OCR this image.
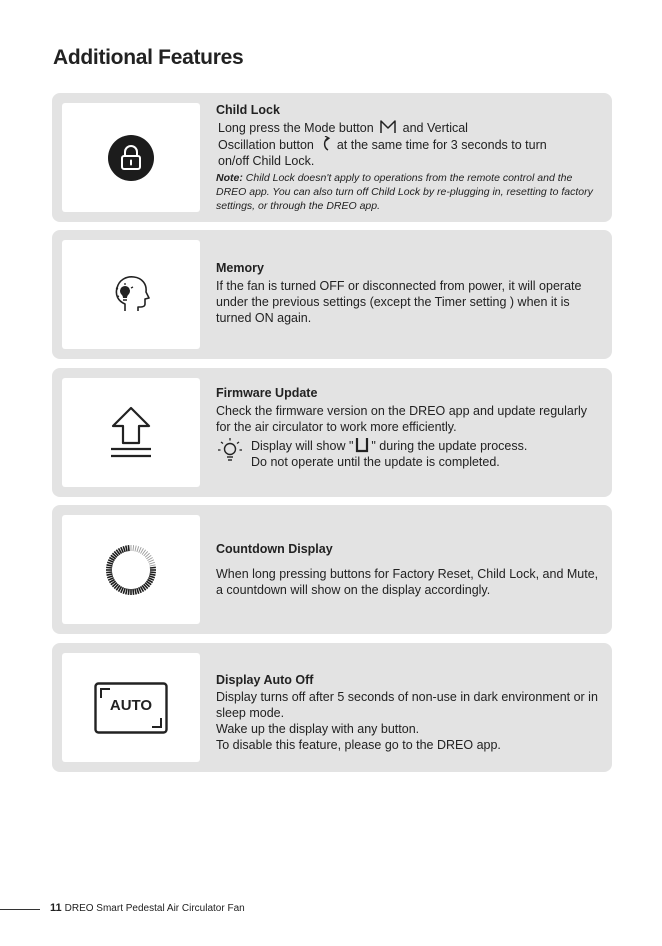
Additional Features
Child Lock

Long press the Mode button and Vertical
Oscillation button at the same time for 3 seconds to turn
on/off Child Lock.

Note: Child Lock doesn't apply to operations from the remote control and the DREO app. You can also turn off Child Lock by re-plugging in, resetting to factory settings, or through the DREO app.

Memory

If the fan is turned OFF or disconnected from power, it will operate under the previous settings (except the Timer setting ) when it is turned ON again.

Firmware Update

Check the firmware version on the DREO app and update regularly for the air circulator to work more efficiently.

Display will show " " during the update process.
Do not operate until the update is completed.
Countdown Display

When long pressing buttons for Factory Reset, Child Lock, and Mute, a countdown will show on the display accordingly.

AUTO
Display Auto Off

Display turns off after 5 seconds of non-use in dark environment or in sleep mode.

Wake up the display with any button.

To disable this feature, please go to the DREO app.

11 DREO Smart Pedestal Air Circulator Fan
